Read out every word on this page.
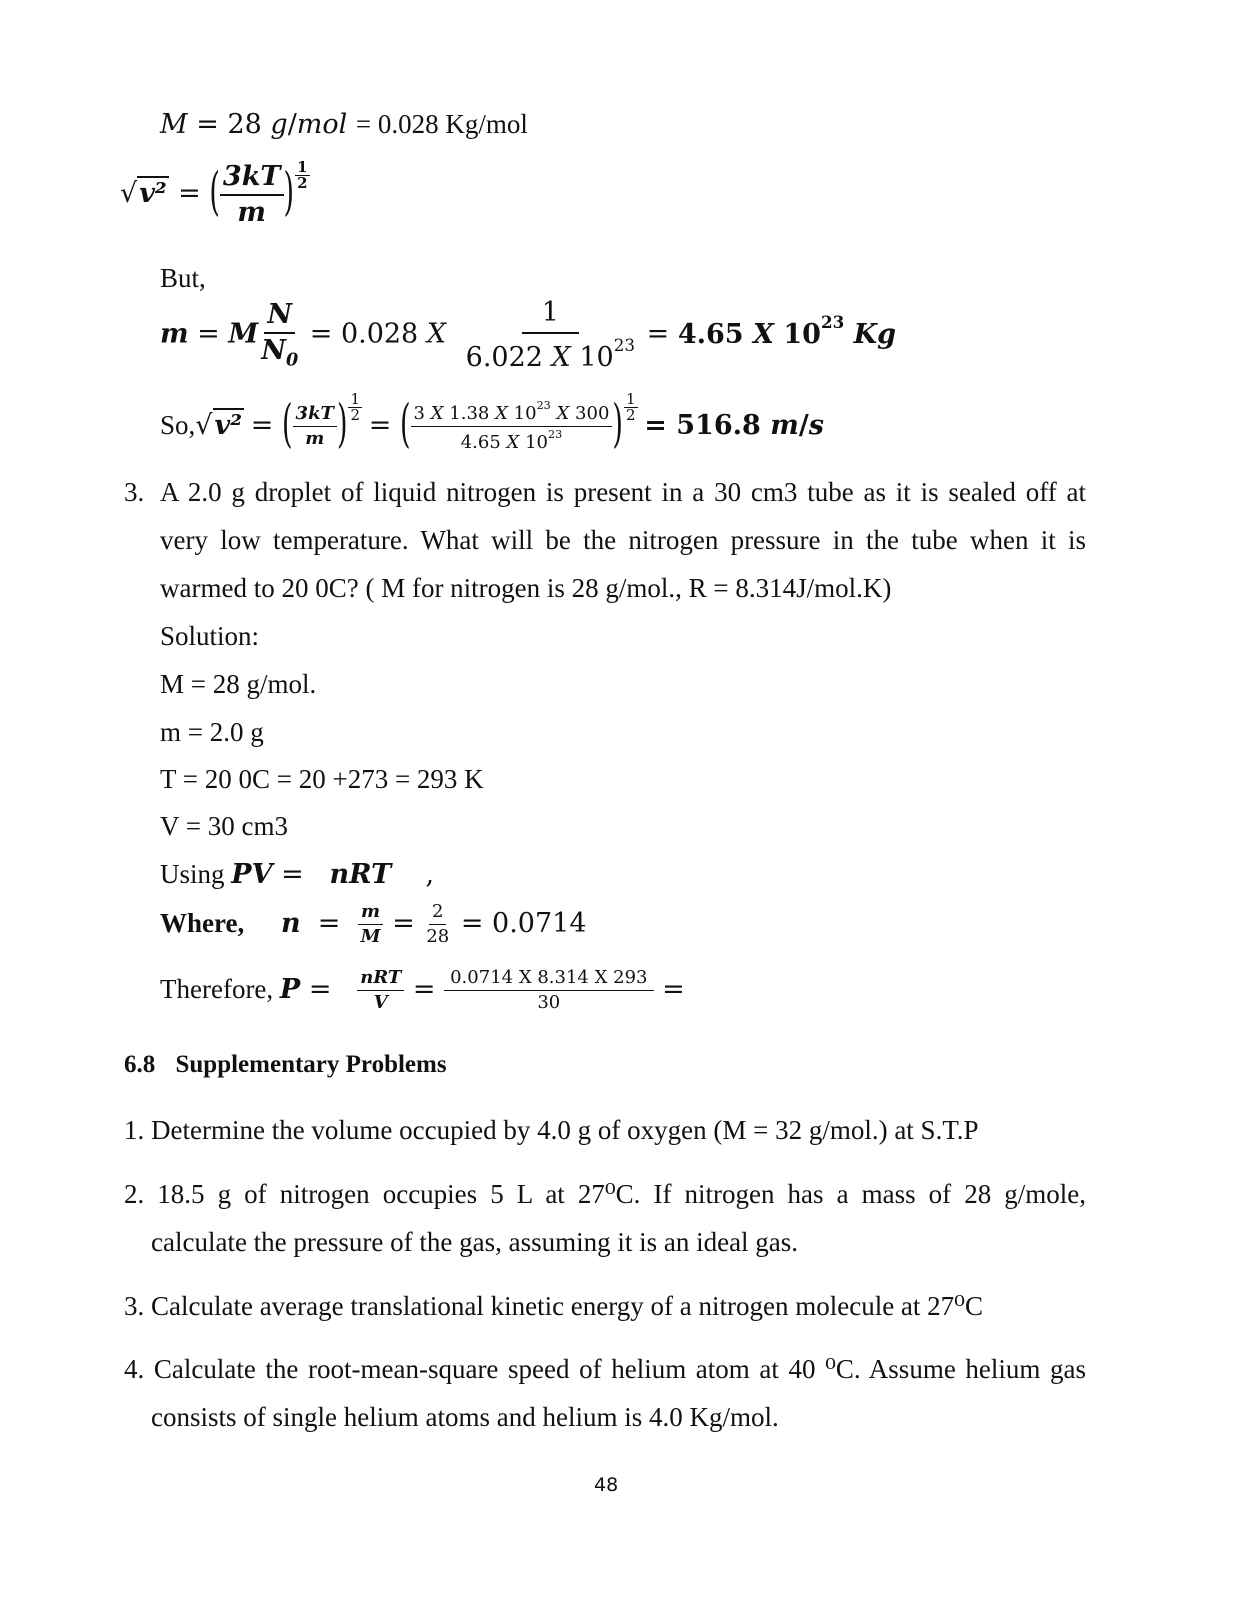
M = 28 g/mol = 0.028 Kg/mol
√v² = ( $\frac{3kT}{m}$ ) $\frac{1}{2}$
But,
m = M $\frac{N}{N_0} = 0.028$ X $\frac{1}{6.022 X 10^{23}} = 4.65$ X $10^{23}$ Kg
So,√v² = ( $\frac{3kT}{m}$ ) $\frac{1}{2}$
= ( $\frac{3 X 1.38 X 10^{23} X 300}{4.65 X 10^{23}}$ ) $\frac{1}{2}$
= 516.8 m/s
3. A 2.0 g droplet of liquid nitrogen is present in a 30 cm3 tube as it is sealed off at
very low temperature. What will be the nitrogen pressure in the tube when it is
warmed to 20 0C? ( M for nitrogen is 28 g/mol., R = 8.314J/mol.K)
Solution:
M = 28 g/mol.
m = 2.0 g
T = 20 0C = 20 +273 = 293 K
V = 30 cm3
Using PV =   nRT    ,
Where, $n = \frac{m}{M} = \frac{2}{28} = 0.0714$
Therefore, $P = \frac{\text{nRT}}{V} = \frac{0.0714 X 8.314 X 293}{30}$ =
6.8 Supplementary Problems
1. Determine the volume occupied by 4.0 g of oxygen (M = 32 g/mol.) at S.T.P
2. 18.5 g of nitrogen occupies 5 L at 27⁰C. If nitrogen has a mass of 28 g/mole,
calculate the pressure of the gas, assuming it is an ideal gas.
3. Calculate average translational kinetic energy of a nitrogen molecule at 27⁰C
4. Calculate the root-mean-square speed of helium atom at 40 ⁰C. Assume helium gas
consists of single helium atoms and helium is 4.0 Kg/mol.
48
